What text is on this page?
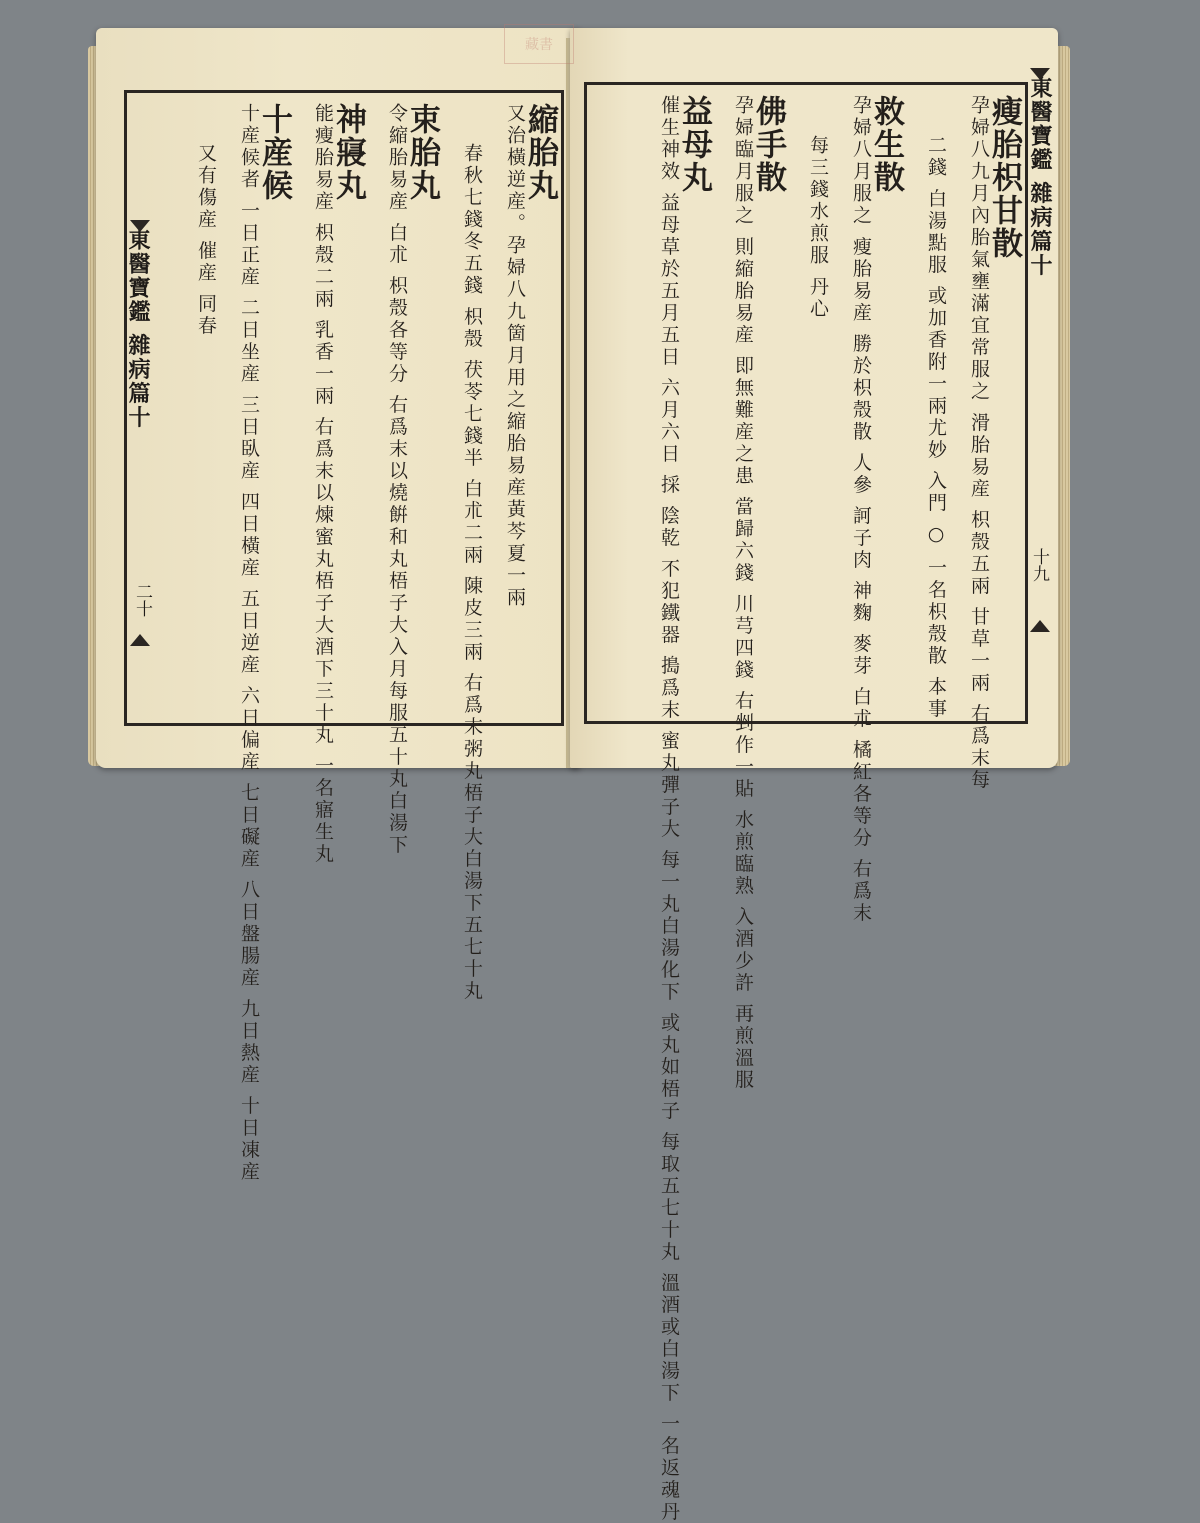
東醫寶鑑 雜病篇十
二十
縮胎丸
又治橫逆産。孕婦八九箇月用之縮胎易産黃芩夏一兩
春秋七錢冬五錢 枳殼 茯苓七錢半 白朮二兩 陳皮三兩 右爲末粥丸梧子大白湯下五七十丸
束胎丸
令縮胎易産 白朮 枳殼各等分 右爲末以燒餠和丸梧子大入月每服五十丸白湯下
神寢丸
能瘦胎易産 枳殼二兩 乳香一兩 右爲末以煉蜜丸梧子大酒下三十丸 一名寤生丸
十産候
十産候者 一日正産 二日坐産 三日臥産 四日橫産 五日逆産 六日偏産 七日礙産 八日盤腸産 九日熱産 十日凍産
又有傷産 催産 同春	東醫寶鑑 雜病篇十
十九
瘦胎枳甘散
孕婦八九月內胎氣壅滿宜常服之 滑胎易産 枳殼五兩 甘草一兩 右爲末每
二錢 白湯點服 或加香附一兩尤妙 入門 ○ 一名枳殼散 本事
救生散
孕婦八月服之 瘦胎易産 勝於枳殼散 人參 訶子肉 神麴 麥芽 白朮 橘紅各等分 右爲末
每三錢水煎服 丹心
佛手散
孕婦臨月服之 則縮胎易産 即無難産之患 當歸六錢 川芎四錢 右剉作一貼 水煎臨熟 入酒少許 再煎溫服
益母丸
催生神效 益母草於五月五日 六月六日 採 陰乾 不犯鐵器 搗爲末 蜜丸彈子大 每一丸白湯化下 或丸如梧子 每取五七十丸 溫酒或白湯下 一名返魂丹
藏書
